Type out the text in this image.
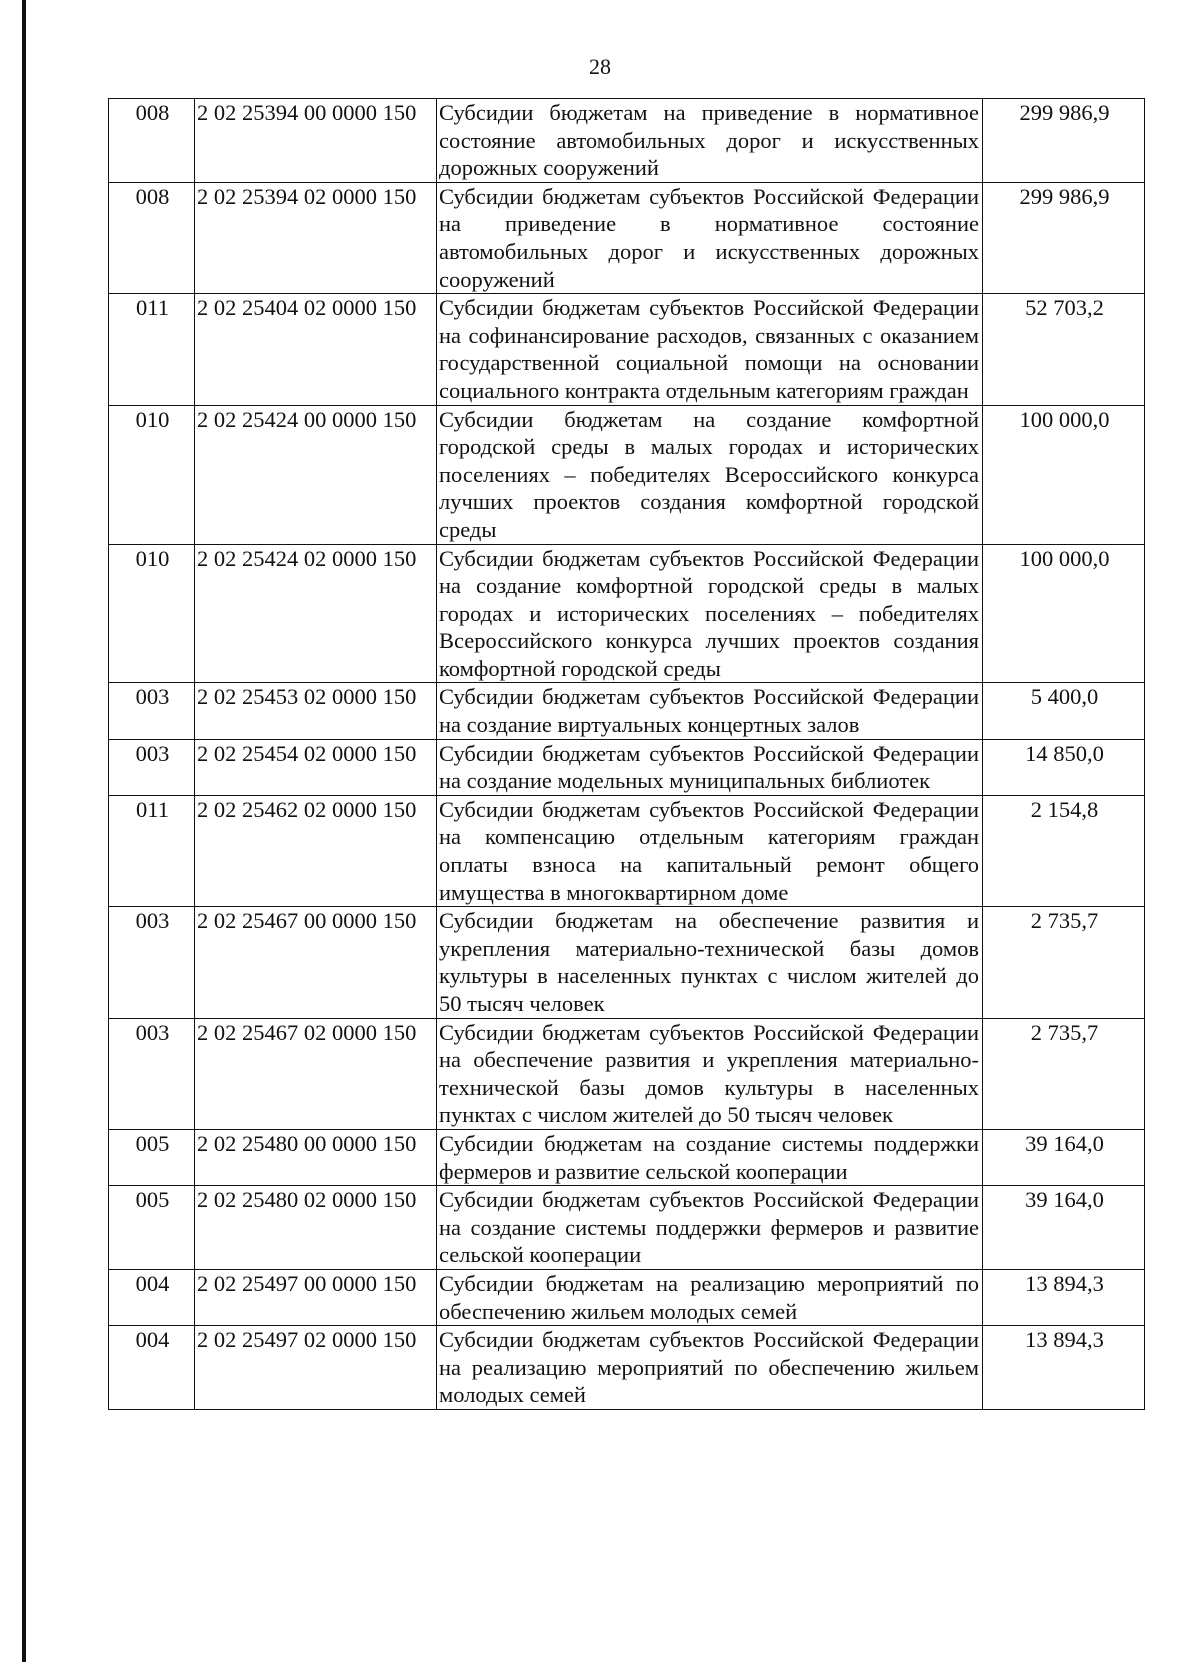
28
008	2 02 25394 00 0000 150	Субсидии бюджетам на приведение в нормативное состояние автомобильных дорог и искусственных дорожных сооружений	299 986,9
008	2 02 25394 02 0000 150	Субсидии бюджетам субъектов Российской Федерации на приведение в нормативное состояние автомобильных дорог и искусственных дорожных сооружений	299 986,9
011	2 02 25404 02 0000 150	Субсидии бюджетам субъектов Российской Федерации на софинансирование расходов, связанных с оказанием государственной социальной помощи на основании социального контракта отдельным категориям граждан	52 703,2
010	2 02 25424 00 0000 150	Субсидии бюджетам на создание комфортной городской среды в малых городах и исторических поселениях – победителях Всероссийского конкурса лучших проектов создания комфортной городской среды	100 000,0
010	2 02 25424 02 0000 150	Субсидии бюджетам субъектов Российской Федерации на создание комфортной городской среды в малых городах и исторических поселениях – победителях Всероссийского конкурса лучших проектов создания комфортной городской среды	100 000,0
003	2 02 25453 02 0000 150	Субсидии бюджетам субъектов Российской Федерации на создание виртуальных концертных залов	5 400,0
003	2 02 25454 02 0000 150	Субсидии бюджетам субъектов Российской Федерации на создание модельных муниципальных библиотек	14 850,0
011	2 02 25462 02 0000 150	Субсидии бюджетам субъектов Российской Федерации на компенсацию отдельным категориям граждан оплаты взноса на капитальный ремонт общего имущества в многоквартирном доме	2 154,8
003	2 02 25467 00 0000 150	Субсидии бюджетам на обеспечение развития и укрепления материально-технической базы домов культуры в населенных пунктах с числом жителей до 50 тысяч человек	2 735,7
003	2 02 25467 02 0000 150	Субсидии бюджетам субъектов Российской Федерации на обеспечение развития и укрепления материально-технической базы домов культуры в населенных пунктах с числом жителей до 50 тысяч человек	2 735,7
005	2 02 25480 00 0000 150	Субсидии бюджетам на создание системы поддержки фермеров и развитие сельской кооперации	39 164,0
005	2 02 25480 02 0000 150	Субсидии бюджетам субъектов Российской Федерации на создание системы поддержки фермеров и развитие сельской кооперации	39 164,0
004	2 02 25497 00 0000 150	Субсидии бюджетам на реализацию мероприятий по обеспечению жильем молодых семей	13 894,3
004	2 02 25497 02 0000 150	Субсидии бюджетам субъектов Российской Федерации на реализацию мероприятий по обеспечению жильем молодых семей	13 894,3
